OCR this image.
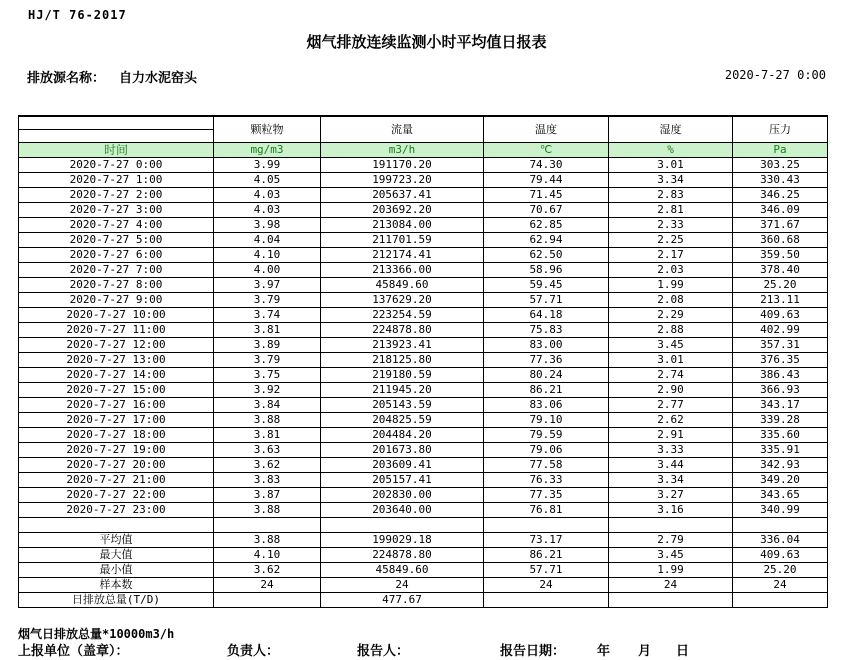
HJ/T 76-2017
烟气排放连续监测小时平均值日报表
排放源名称： 自力水泥窑头	2020-7-27 0:00
	颗粒物	流量	温度	湿度	压力

时间	mg/m3	m3/h	℃	%	Pa
2020-7-27 0:00	3.99	191170.20	74.30	3.01	303.25
2020-7-27 1:00	4.05	199723.20	79.44	3.34	330.43
2020-7-27 2:00	4.03	205637.41	71.45	2.83	346.25
2020-7-27 3:00	4.03	203692.20	70.67	2.81	346.09
2020-7-27 4:00	3.98	213084.00	62.85	2.33	371.67
2020-7-27 5:00	4.04	211701.59	62.94	2.25	360.68
2020-7-27 6:00	4.10	212174.41	62.50	2.17	359.50
2020-7-27 7:00	4.00	213366.00	58.96	2.03	378.40
2020-7-27 8:00	3.97	45849.60	59.45	1.99	25.20
2020-7-27 9:00	3.79	137629.20	57.71	2.08	213.11
2020-7-27 10:00	3.74	223254.59	64.18	2.29	409.63
2020-7-27 11:00	3.81	224878.80	75.83	2.88	402.99
2020-7-27 12:00	3.89	213923.41	83.00	3.45	357.31
2020-7-27 13:00	3.79	218125.80	77.36	3.01	376.35
2020-7-27 14:00	3.75	219180.59	80.24	2.74	386.43
2020-7-27 15:00	3.92	211945.20	86.21	2.90	366.93
2020-7-27 16:00	3.84	205143.59	83.06	2.77	343.17
2020-7-27 17:00	3.88	204825.59	79.10	2.62	339.28
2020-7-27 18:00	3.81	204484.20	79.59	2.91	335.60
2020-7-27 19:00	3.63	201673.80	79.06	3.33	335.91
2020-7-27 20:00	3.62	203609.41	77.58	3.44	342.93
2020-7-27 21:00	3.83	205157.41	76.33	3.34	349.20
2020-7-27 22:00	3.87	202830.00	77.35	3.27	343.65
2020-7-27 23:00	3.88	203640.00	76.81	3.16	340.99

平均值	3.88	199029.18	73.17	2.79	336.04
最大值	4.10	224878.80	86.21	3.45	409.63
最小值	3.62	45849.60	57.71	1.99	25.20
样本数	24	24	24	24	24
日排放总量(T/D)		477.67			
烟气日排放总量*10000m3/h
上报单位（盖章）：	负责人：	报告人：	报告日期： 年 月 日
